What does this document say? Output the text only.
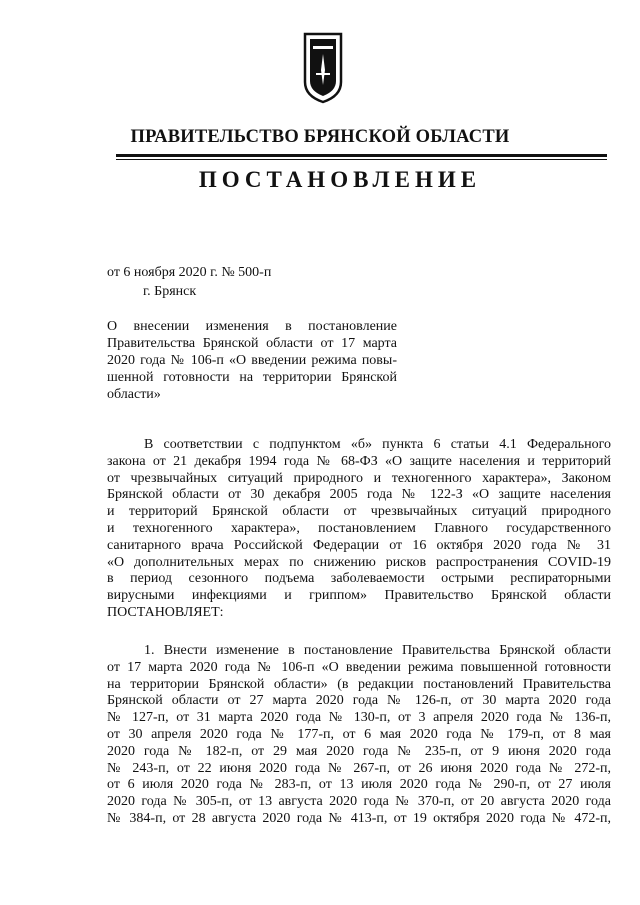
ПРАВИТЕЛЬСТВО БРЯНСКОЙ ОБЛАСТИ
ПОСТАНОВЛЕНИЕ
от 6 ноября 2020 г. № 500-п
г. Брянск
О внесении изменения в постановление
Правительства Брянской области от 17 марта
2020 года № 106-п «О введении режима повы-
шенной готовности на территории Брянской
области»
В соответствии с подпунктом «б» пункта 6 статьи 4.1 Федерального
закона от 21 декабря 1994 года № 68-ФЗ «О защите населения и территорий
от чрезвычайных ситуаций природного и техногенного характера», Законом
Брянской области от 30 декабря 2005 года № 122-З «О защите населения
и территорий Брянской области от чрезвычайных ситуаций природного
и техногенного характера», постановлением Главного государственного
санитарного врача Российской Федерации от 16 октября 2020 года № 31
«О дополнительных мерах по снижению рисков распространения COVID-19
в период сезонного подъема заболеваемости острыми респираторными
вирусными инфекциями и гриппом» Правительство Брянской области
ПОСТАНОВЛЯЕТ:
1. Внести изменение в постановление Правительства Брянской области
от 17 марта 2020 года № 106-п «О введении режима повышенной готовности
на территории Брянской области» (в редакции постановлений Правительства
Брянской области от 27 марта 2020 года № 126-п, от 30 марта 2020 года
№ 127-п, от 31 марта 2020 года № 130-п, от 3 апреля 2020 года № 136-п,
от 30 апреля 2020 года № 177-п, от 6 мая 2020 года № 179-п, от 8 мая
2020 года № 182-п, от 29 мая 2020 года № 235-п, от 9 июня 2020 года
№ 243-п, от 22 июня 2020 года № 267-п, от 26 июня 2020 года № 272-п,
от 6 июля 2020 года № 283-п, от 13 июля 2020 года № 290-п, от 27 июля
2020 года № 305-п, от 13 августа 2020 года № 370-п, от 20 августа 2020 года
№ 384-п, от 28 августа 2020 года № 413-п, от 19 октября 2020 года № 472-п,
